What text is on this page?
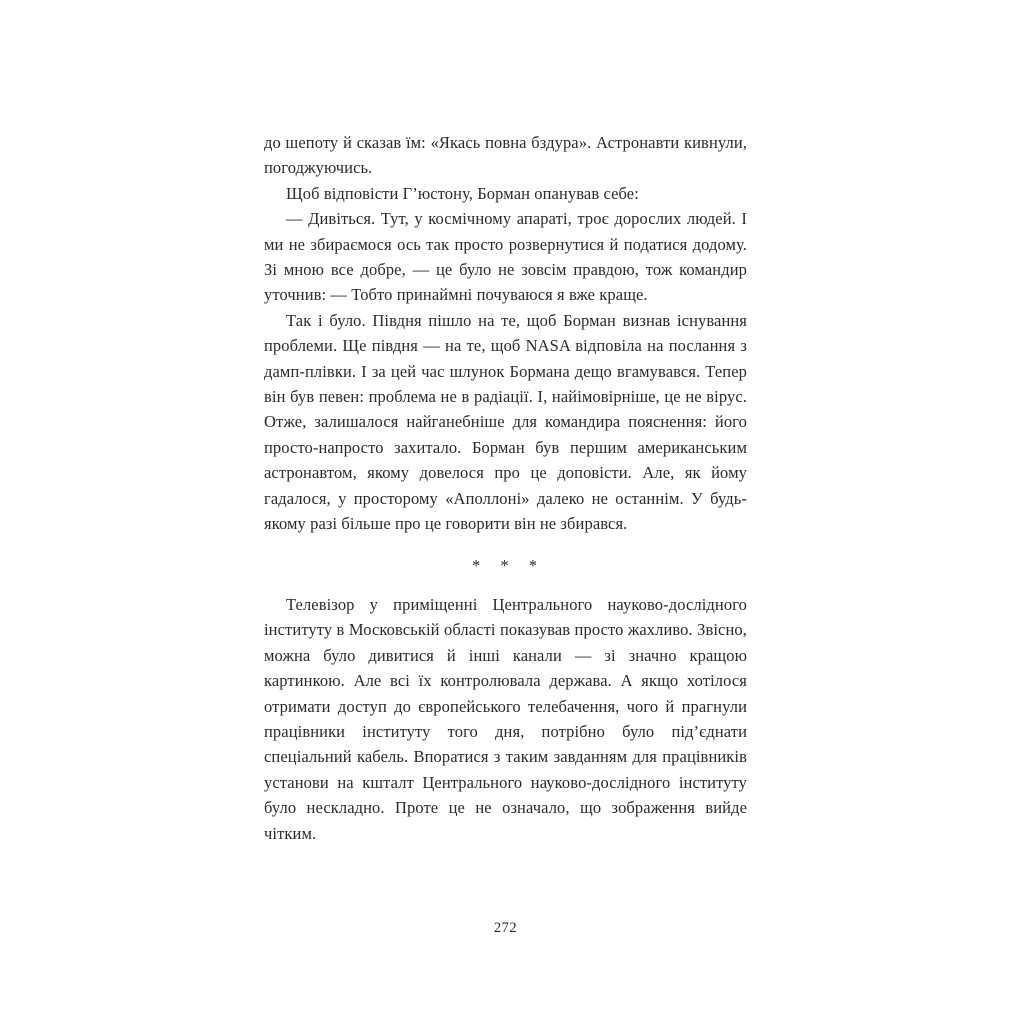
до шепоту й сказав їм: «Якась повна бздура». Астронавти кивнули, погоджуючись.

Щоб відповісти Г’юстону, Борман опанував себе:

— Дивіться. Тут, у космічному апараті, троє дорослих людей. І ми не збираємося ось так просто розвернутися й податися додому. Зі мною все добре, — це було не зовсім правдою, тож командир уточнив: — Тобто принаймні почуваюся я вже краще.

Так і було. Півдня пішло на те, щоб Борман визнав існування проблеми. Ще півдня — на те, щоб NASA відповіла на послання з дамп-плівки. І за цей час шлунок Бормана дещо вгамувався. Тепер він був певен: проблема не в радіації. І, найімовірніше, це не вірус. Отже, залишалося найганебніше для командира пояснення: його просто-напросто захитало. Борман був першим американським астронавтом, якому довелося про це доповісти. Але, як йому гадалося, у просторому «Аполлоні» далеко не останнім. У будь-якому разі більше про це говорити він не збирався.

* * *

Телевізор у приміщенні Центрального науково-дослідного інституту в Московській області показував просто жахливо. Звісно, можна було дивитися й інші канали — зі значно кращою картинкою. Але всі їх контролювала держава. А якщо хотілося отримати доступ до європейського телебачення, чого й прагнули працівники інституту того дня, потрібно було під’єднати спеціальний кабель. Впоратися з таким завданням для працівників установи на кшталт Центрального науково-дослідного інституту було нескладно. Проте це не означало, що зображення вийде чітким.

272
